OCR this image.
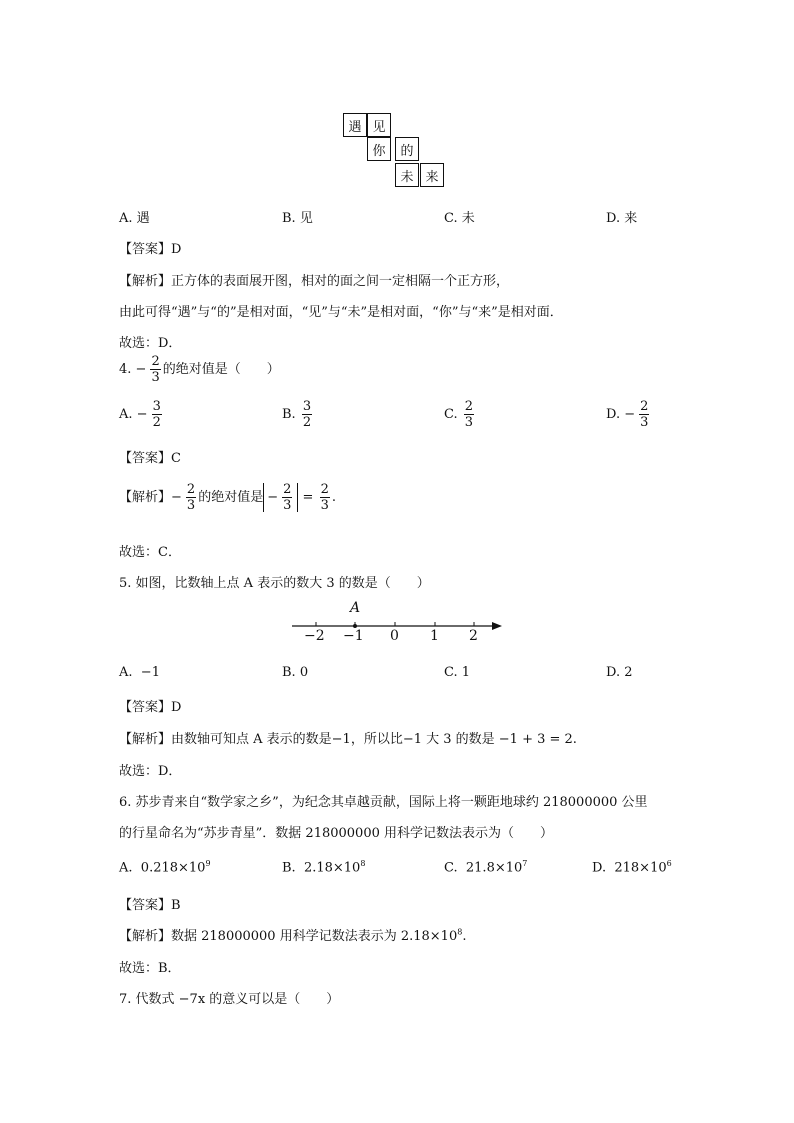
遇 见
你	的
未 来
A. 遇	B. 见	C. 未	D. 来
【答案】D
【解析】正方体的表面展开图，相对的面之间一定相隔一个正方形，
由此可得“遇”与“的”是相对面，“见”与“未”是相对面，“你”与“来”是相对面．
故选：D．
4. − $\frac{2}{3}$ 的绝对值是（　　）
A. − $\frac{3}{2}$	B. $\frac{3}{2}$	C. $\frac{2}{3}$	D. − $\frac{2}{3}$
【答案】C
【解析】− $\frac{2}{3}$ 的绝对值是 − $\frac{2}{3} = \frac{2}{3}$ .
故选：C．
5. 如图，比数轴上点 A 表示的数大 3 的数是（　　）
A
−2 −1 0 1 2
A. −1	B. 0	C. 1	D. 2
【答案】D
【解析】由数轴可知点 A 表示的数是−1，所以比−1 大 3 的数是 −1 + 3 = 2.
故选：D．
6. 苏步青来自“数学家之乡”，为纪念其卓越贡献，国际上将一颗距地球约 218000000 公里
的行星命名为“苏步青星”．数据 218000000 用科学记数法表示为（　　）
A. $0.218\times 10^9$	B. $2.18\times 10^8$	C. $21.8\times 10^7$	D. $218\times 10^6$
【答案】B
【解析】数据 218000000 用科学记数法表示为 $2.18\times 10^8$.
故选：B．
7. 代数式 −7x 的意义可以是（　　）
